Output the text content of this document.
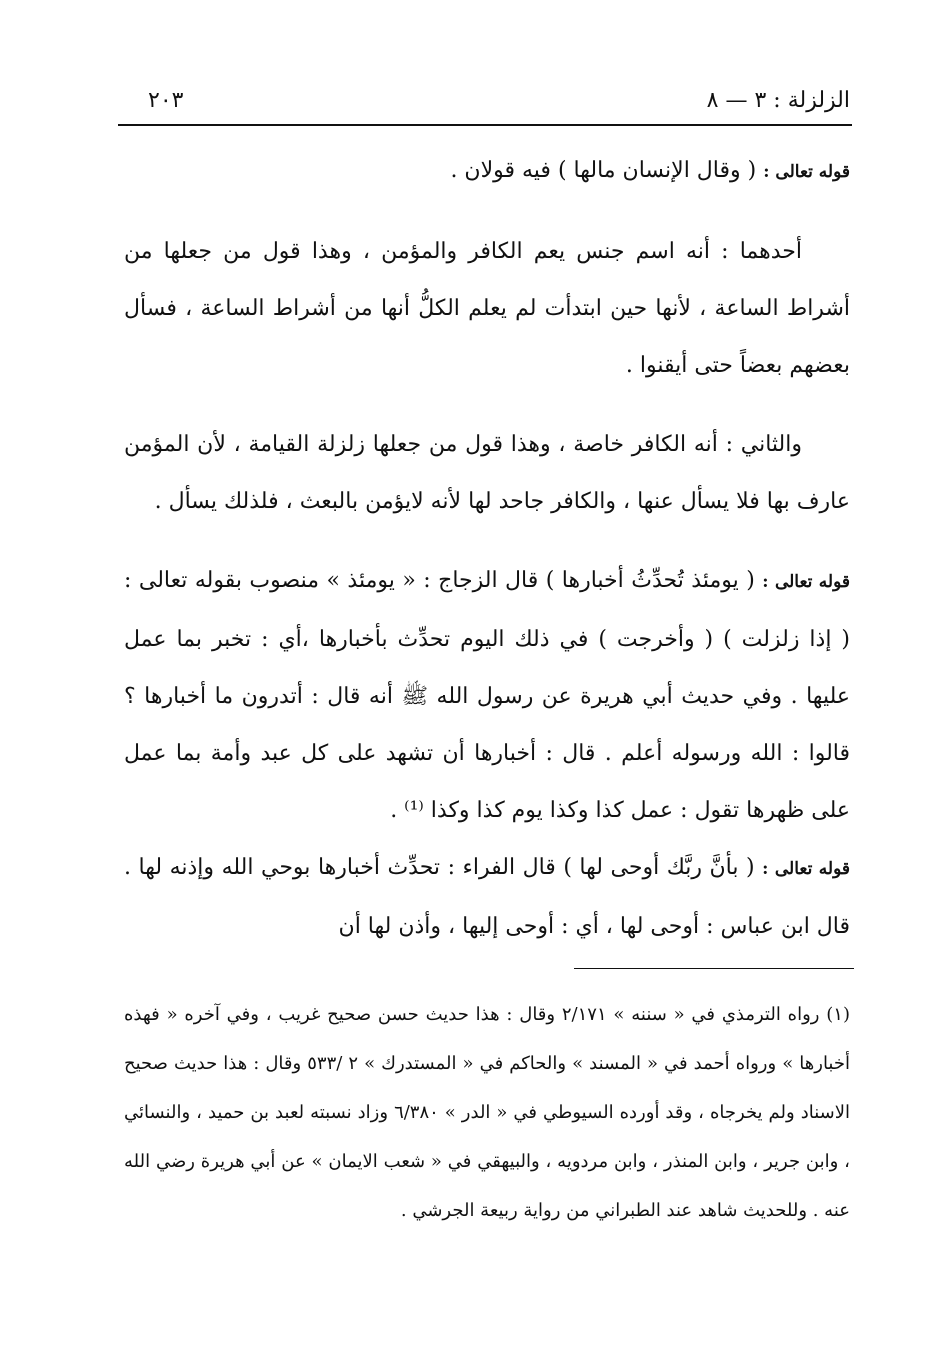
الزلزلة : ٣ — ٨
٢٠٣

قوله تعالى : ( وقال الإنسان مالها ) فيه قولان .

أحدهما : أنه اسم جنس يعم الكافر والمؤمن ، وهذا قول من جعلها من أشراط الساعة ، لأنها حين ابتدأت لم يعلم الكلُّ أنها من أشراط الساعة ، فسأل بعضهم بعضاً حتى أيقنوا .

والثاني : أنه الكافر خاصة ، وهذا قول من جعلها زلزلة القيامة ، لأن المؤمن عارف بها فلا يسأل عنها ، والكافر جاحد لها لأنه لايؤمن بالبعث ، فلذلك يسأل .

قوله تعالى : ( يومئذ تُحدِّثُ أخبارها ) قال الزجاج : « يومئذ » منصوب بقوله تعالى : ( إذا زلزلت ) ( وأخرجت ) في ذلك اليوم تحدِّث بأخبارها ،أي : تخبر بما عمل عليها . وفي حديث أبي هريرة عن رسول الله ﷺ أنه قال : أتدرون ما أخبارها ؟ قالوا : الله ورسوله أعلم . قال : أخبارها أن تشهد على كل عبد وأمة بما عمل على ظهرها تقول : عمل كذا وكذا يوم كذا وكذا ⁽¹⁾ .

قوله تعالى : ( بأنَّ ربَّك أوحى لها ) قال الفراء : تحدِّث أخبارها بوحي الله وإذنه لها . قال ابن عباس : أوحى لها ، أي : أوحى إليها ، وأذن لها أن

(١) رواه الترمذي في « سننه » ٢/١٧١ وقال : هذا حديث حسن صحيح غريب ، وفي آخره « فهذه أخبارها » ورواه أحمد في « المسند » والحاكم في « المستدرك » ٢ /٥٣٣ وقال : هذا حديث صحيح الاسناد ولم يخرجاه ، وقد أورده السيوطي في « الدر » ٦/٣٨٠ وزاد نسبته لعبد بن حميد ، والنسائي ، وابن جرير ، وابن المنذر ، وابن مردويه ، والبيهقي في « شعب الايمان » عن أبي هريرة رضي الله عنه . وللحديث شاهد عند الطبراني من رواية ربيعة الجرشي .
